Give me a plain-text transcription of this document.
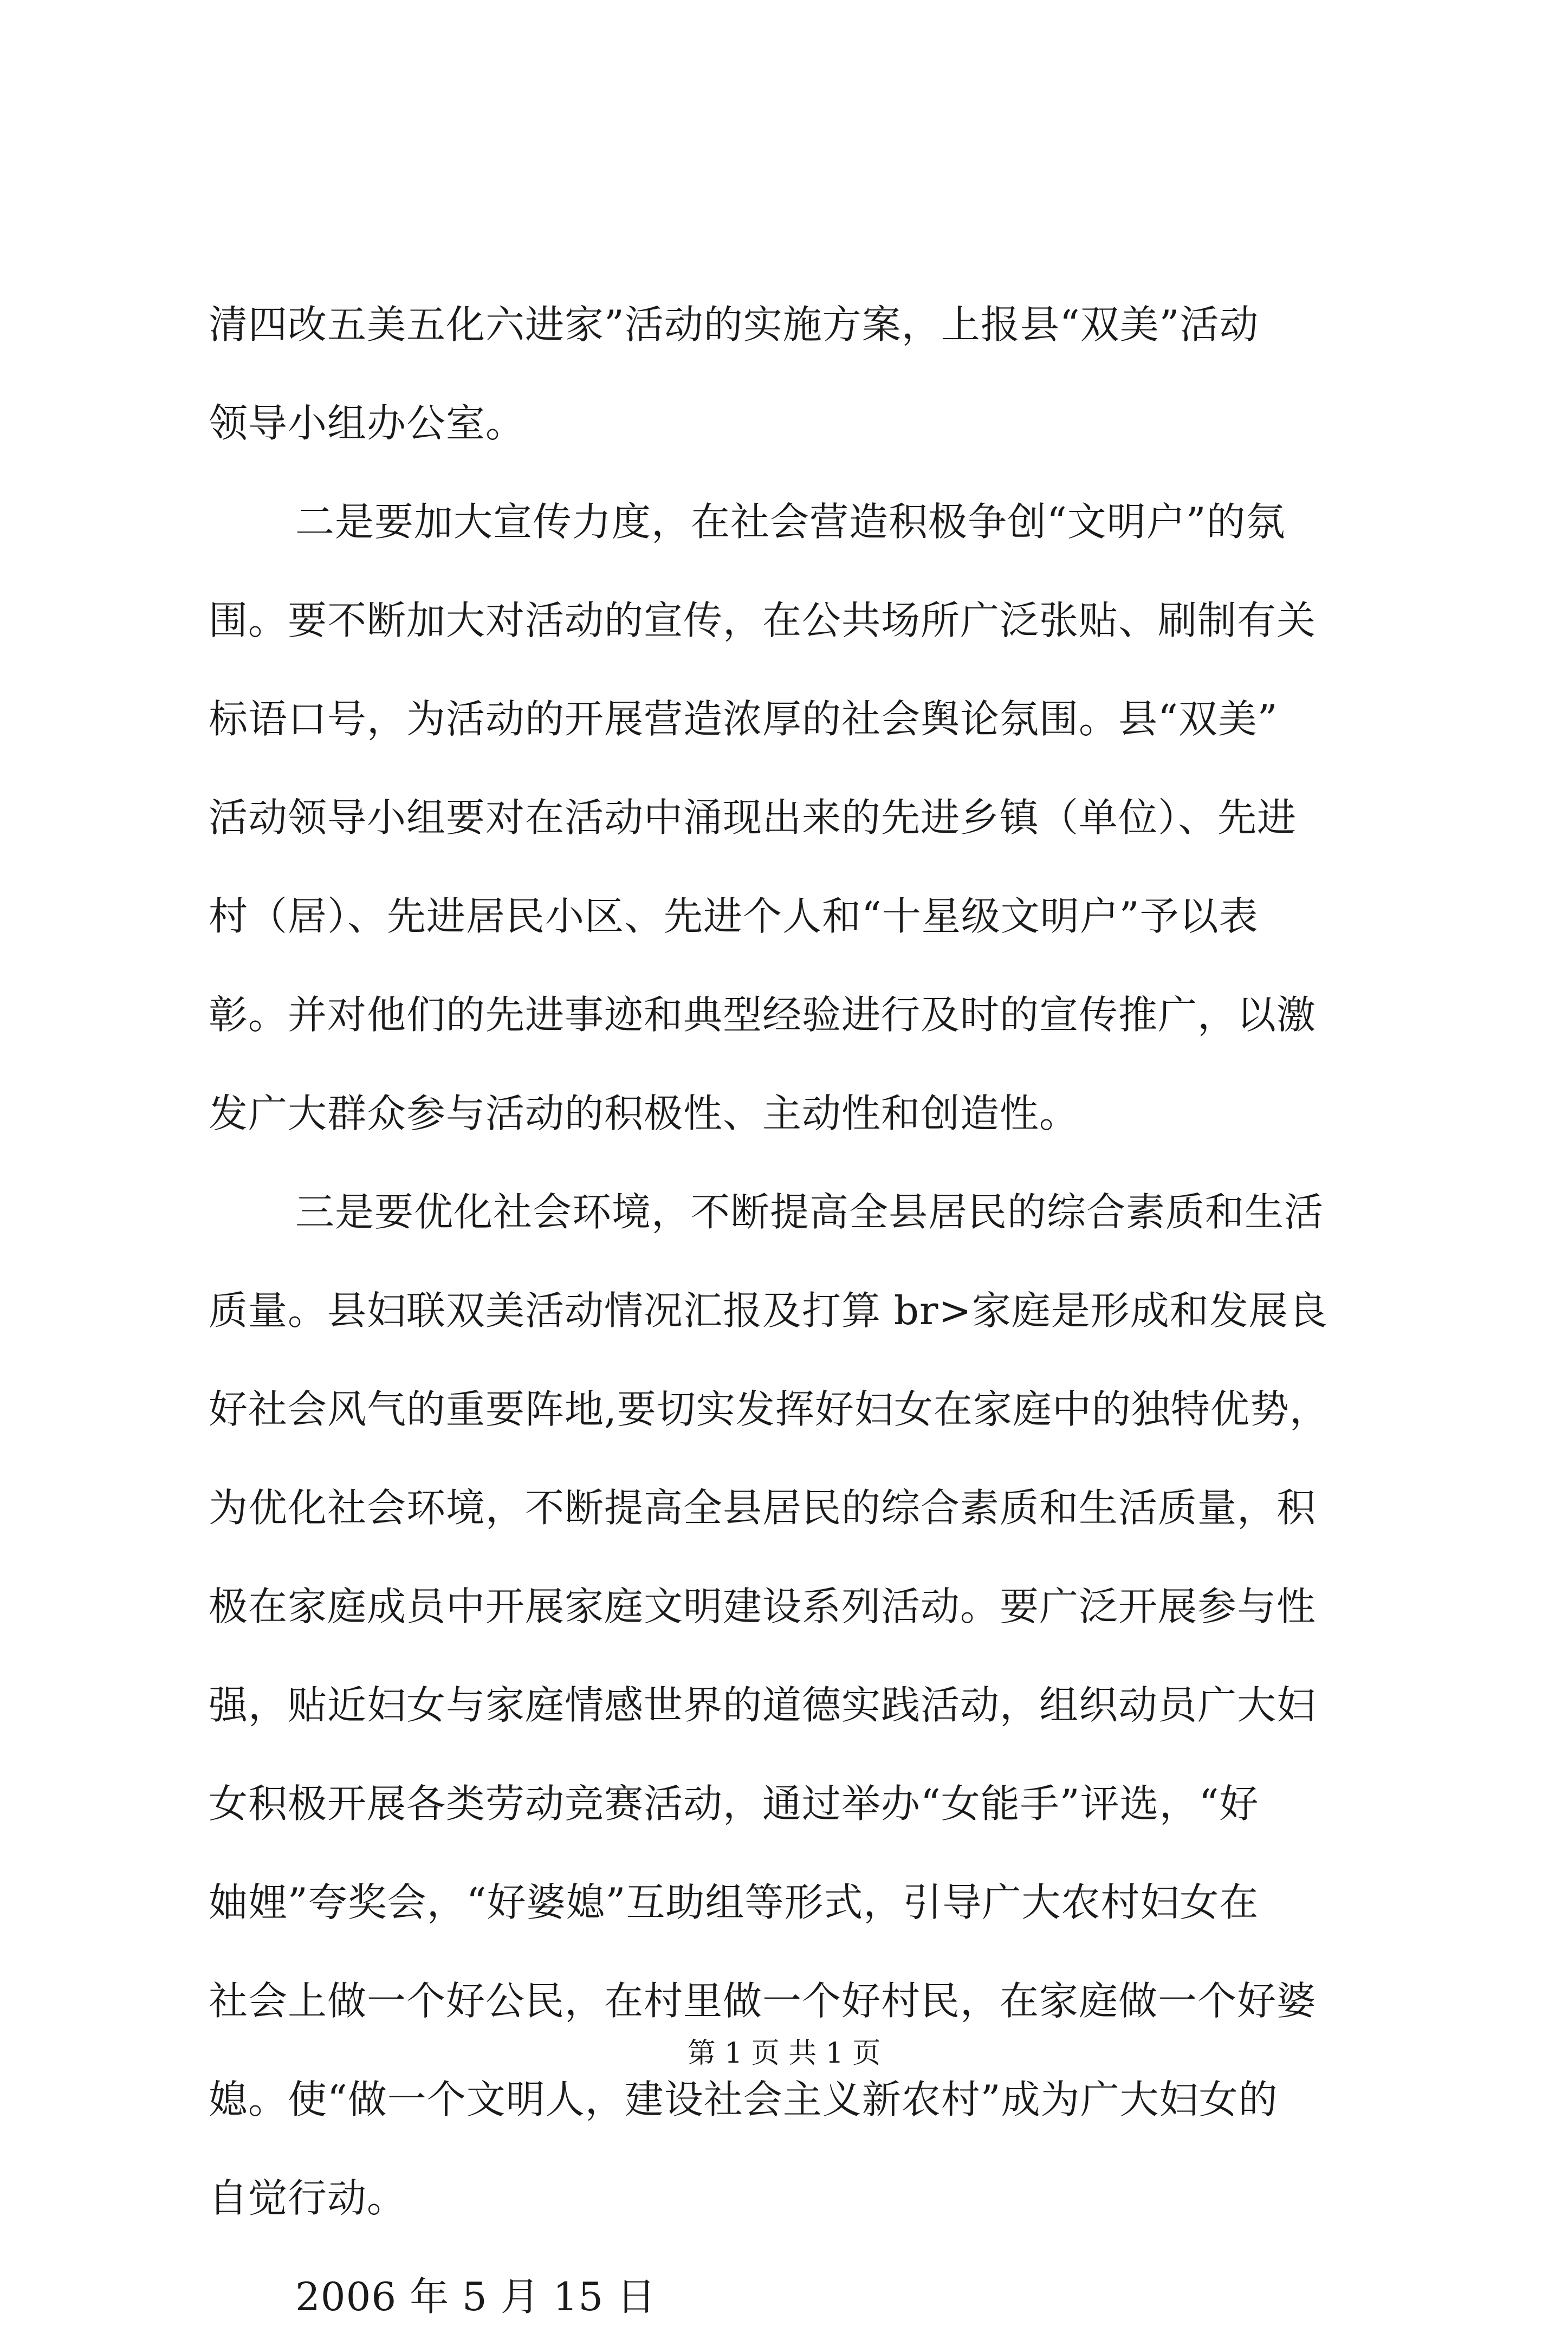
清四改五美五化六进家”活动的实施方案，上报县“双美”活动
领导小组办公室。
二是要加大宣传力度，在社会营造积极争创“文明户”的氛
围。要不断加大对活动的宣传，在公共场所广泛张贴、刷制有关
标语口号，为活动的开展营造浓厚的社会舆论氛围。县“双美”
活动领导小组要对在活动中涌现出来的先进乡镇（单位）、先进
村（居）、先进居民小区、先进个人和“十星级文明户”予以表
彰。并对他们的先进事迹和典型经验进行及时的宣传推广，以激
发广大群众参与活动的积极性、主动性和创造性。
三是要优化社会环境，不断提高全县居民的综合素质和生活
质量。县妇联双美活动情况汇报及打算 br>家庭是形成和发展良
好社会风气的重要阵地,要切实发挥好妇女在家庭中的独特优势，
为优化社会环境，不断提高全县居民的综合素质和生活质量，积
极在家庭成员中开展家庭文明建设系列活动。要广泛开展参与性
强，贴近妇女与家庭情感世界的道德实践活动，组织动员广大妇
女积极开展各类劳动竞赛活动，通过举办“女能手”评选，“好
妯娌”夸奖会，“好婆媳”互助组等形式，引导广大农村妇女在
社会上做一个好公民，在村里做一个好村民，在家庭做一个好婆
媳。使“做一个文明人，建设社会主义新农村”成为广大妇女的
自觉行动。
2006 年 5 月 15 日
第 1 页 共 1 页
